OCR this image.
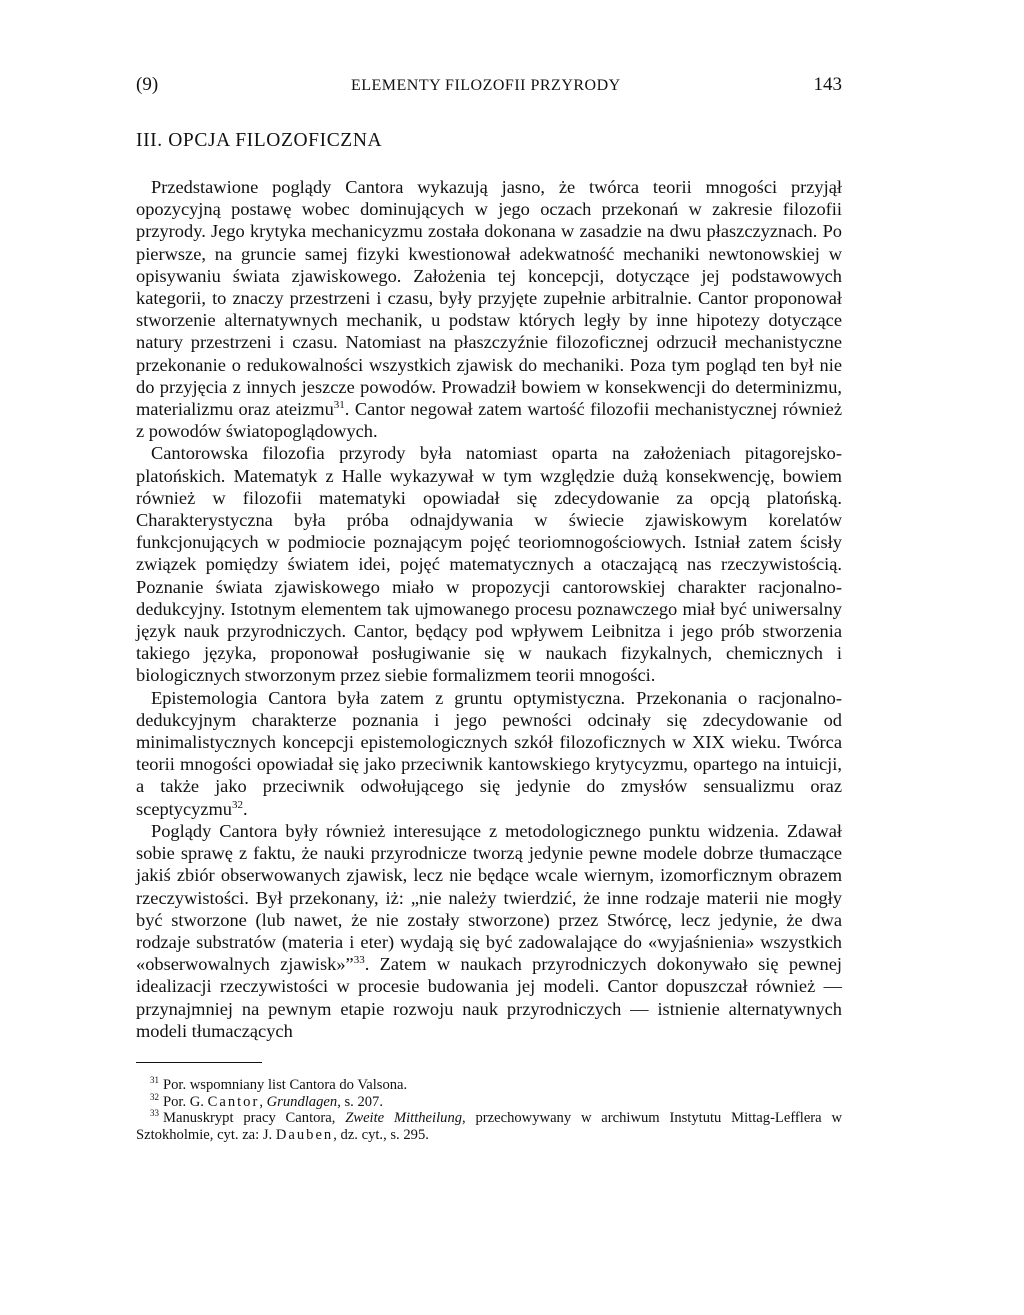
(9)	ELEMENTY FILOZOFII PRZYRODY	143
III. OPCJA FILOZOFICZNA

Przedstawione poglądy Cantora wykazują jasno, że twórca teorii mnogości przyjął opozycyjną postawę wobec dominujących w jego oczach przekonań w zakresie filozofii przyrody. Jego krytyka mechanicyzmu została dokonana w zasadzie na dwu płaszczyznach. Po pierwsze, na gruncie samej fizyki kwestionował adekwatność mechaniki newtonowskiej w opisywaniu świata zjawiskowego. Założenia tej koncepcji, dotyczące jej podstawowych kategorii, to znaczy przestrzeni i czasu, były przyjęte zupełnie arbitralnie. Cantor proponował stworzenie alternatywnych mechanik, u podstaw których legły by inne hipotezy dotyczące natury przestrzeni i czasu. Natomiast na płaszczyźnie filozoficznej odrzucił mechanistyczne przekonanie o redukowalności wszystkich zjawisk do mechaniki. Poza tym pogląd ten był nie do przyjęcia z innych jeszcze powodów. Prowadził bowiem w konsekwencji do determinizmu, materializmu oraz ateizmu$^{31}$. Cantor negował zatem wartość filozofii mechanistycznej również z powodów światopoglądowych.

Cantorowska filozofia przyrody była natomiast oparta na założeniach pitagorejsko-platońskich. Matematyk z Halle wykazywał w tym względzie dużą konsekwencję, bowiem również w filozofii matematyki opowiadał się zdecydowanie za opcją platońską. Charakterystyczna była próba odnajdywania w świecie zjawiskowym korelatów funkcjonujących w podmiocie poznającym pojęć teoriomnogościowych. Istniał zatem ścisły związek pomiędzy światem idei, pojęć matematycznych a otaczającą nas rzeczywistością. Poznanie świata zjawiskowego miało w propozycji cantorowskiej charakter racjonalno-dedukcyjny. Istotnym elementem tak ujmowanego procesu poznawczego miał być uniwersalny język nauk przyrodniczych. Cantor, będący pod wpływem Leibnitza i jego prób stworzenia takiego języka, proponował posługiwanie się w naukach fizykalnych, chemicznych i biologicznych stworzonym przez siebie formalizmem teorii mnogości.

Epistemologia Cantora była zatem z gruntu optymistyczna. Przekonania o racjonalno-dedukcyjnym charakterze poznania i jego pewności odcinały się zdecydowanie od minimalistycznych koncepcji epistemologicznych szkół filozoficznych w XIX wieku. Twórca teorii mnogości opowiadał się jako przeciwnik kantowskiego krytycyzmu, opartego na intuicji, a także jako przeciwnik odwołującego się jedynie do zmysłów sensualizmu oraz sceptycyzmu$^{32}$.

Poglądy Cantora były również interesujące z metodologicznego punktu widzenia. Zdawał sobie sprawę z faktu, że nauki przyrodnicze tworzą jedynie pewne modele dobrze tłumaczące jakiś zbiór obserwowanych zjawisk, lecz nie będące wcale wiernym, izomorficznym obrazem rzeczywistości. Był przekonany, iż: „nie należy twierdzić, że inne rodzaje materii nie mogły być stworzone (lub nawet, że nie zostały stworzone) przez Stwórcę, lecz jedynie, że dwa rodzaje substratów (materia i eter) wydają się być zadowalające do «wyjaśnienia» wszystkich «obserwowalnych zjawisk»”$^{33}$. Zatem w naukach przyrodniczych dokonywało się pewnej idealizacji rzeczywistości w procesie budowania jej modeli. Cantor dopuszczał również — przynajmniej na pewnym etapie rozwoju nauk przyrodniczych — istnienie alternatywnych modeli tłumaczących

$^{31}$ Por. wspomniany list Cantora do Valsona.

$^{32}$ Por. G. Cantor, Grundlagen, s. 207.

$^{33}$ Manuskrypt pracy Cantora, Zweite Mittheilung, przechowywany w archiwum Instytutu Mittag-Lefflera w Sztokholmie, cyt. za: J. Dauben, dz. cyt., s. 295.
